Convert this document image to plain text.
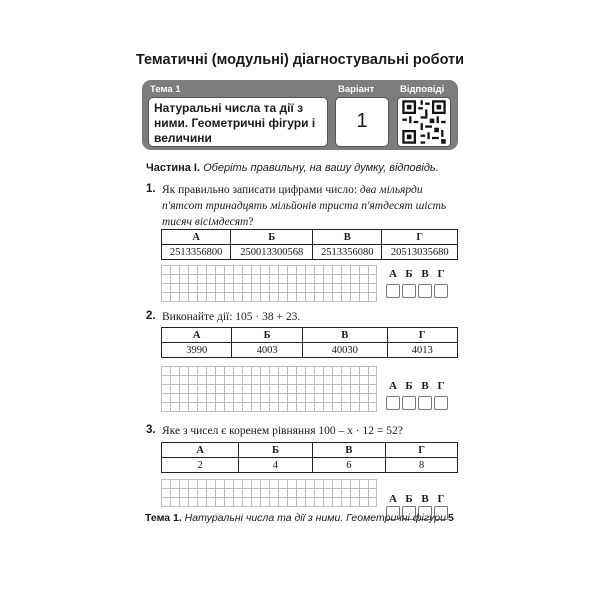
Тематичні (модульні) діагностувальні роботи
Тема 1	Варіант	Відповіді
Натуральні числа та дії з ними. Геометричні фігури і величини
1
Частина І. Оберіть правильну, на вашу думку, відповідь.
1. Як правильно записати цифрами число: два мільярди п'ятсот тринадцять мільйонів триста п'ятдесят шість тисяч вісімдесят?
А	Б	В	Г
2513356800	250013300568	2513356080	20513035680
А Б В Г
2. Виконайте дії: 105 · 38 + 23.
А	Б	В	Г
3990	4003	40030	4013
А Б В Г
3. Яке з чисел є коренем рівняння 100 – x · 12 = 52?
А	Б	В	Г
2	4	6	8
А Б В Г
Тема 1. Натуральні числа та дії з ними. Геометричні фігури 5
